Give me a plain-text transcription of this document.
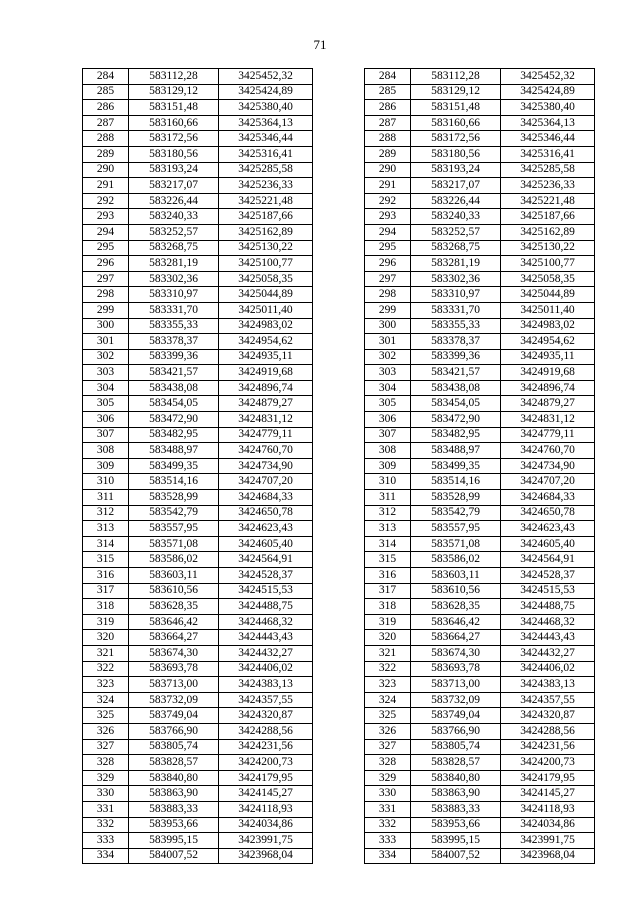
71
284	583112,28	3425452,32		284	583112,28	3425452,32
285	583129,12	3425424,89		285	583129,12	3425424,89
286	583151,48	3425380,40		286	583151,48	3425380,40
287	583160,66	3425364,13		287	583160,66	3425364,13
288	583172,56	3425346,44		288	583172,56	3425346,44
289	583180,56	3425316,41		289	583180,56	3425316,41
290	583193,24	3425285,58		290	583193,24	3425285,58
291	583217,07	3425236,33		291	583217,07	3425236,33
292	583226,44	3425221,48		292	583226,44	3425221,48
293	583240,33	3425187,66		293	583240,33	3425187,66
294	583252,57	3425162,89		294	583252,57	3425162,89
295	583268,75	3425130,22		295	583268,75	3425130,22
296	583281,19	3425100,77		296	583281,19	3425100,77
297	583302,36	3425058,35		297	583302,36	3425058,35
298	583310,97	3425044,89		298	583310,97	3425044,89
299	583331,70	3425011,40		299	583331,70	3425011,40
300	583355,33	3424983,02		300	583355,33	3424983,02
301	583378,37	3424954,62		301	583378,37	3424954,62
302	583399,36	3424935,11		302	583399,36	3424935,11
303	583421,57	3424919,68		303	583421,57	3424919,68
304	583438,08	3424896,74		304	583438,08	3424896,74
305	583454,05	3424879,27		305	583454,05	3424879,27
306	583472,90	3424831,12		306	583472,90	3424831,12
307	583482,95	3424779,11		307	583482,95	3424779,11
308	583488,97	3424760,70		308	583488,97	3424760,70
309	583499,35	3424734,90		309	583499,35	3424734,90
310	583514,16	3424707,20		310	583514,16	3424707,20
311	583528,99	3424684,33		311	583528,99	3424684,33
312	583542,79	3424650,78		312	583542,79	3424650,78
313	583557,95	3424623,43		313	583557,95	3424623,43
314	583571,08	3424605,40		314	583571,08	3424605,40
315	583586,02	3424564,91		315	583586,02	3424564,91
316	583603,11	3424528,37		316	583603,11	3424528,37
317	583610,56	3424515,53		317	583610,56	3424515,53
318	583628,35	3424488,75		318	583628,35	3424488,75
319	583646,42	3424468,32		319	583646,42	3424468,32
320	583664,27	3424443,43		320	583664,27	3424443,43
321	583674,30	3424432,27		321	583674,30	3424432,27
322	583693,78	3424406,02		322	583693,78	3424406,02
323	583713,00	3424383,13		323	583713,00	3424383,13
324	583732,09	3424357,55		324	583732,09	3424357,55
325	583749,04	3424320,87		325	583749,04	3424320,87
326	583766,90	3424288,56		326	583766,90	3424288,56
327	583805,74	3424231,56		327	583805,74	3424231,56
328	583828,57	3424200,73		328	583828,57	3424200,73
329	583840,80	3424179,95		329	583840,80	3424179,95
330	583863,90	3424145,27		330	583863,90	3424145,27
331	583883,33	3424118,93		331	583883,33	3424118,93
332	583953,66	3424034,86		332	583953,66	3424034,86
333	583995,15	3423991,75		333	583995,15	3423991,75
334	584007,52	3423968,04		334	584007,52	3423968,04
